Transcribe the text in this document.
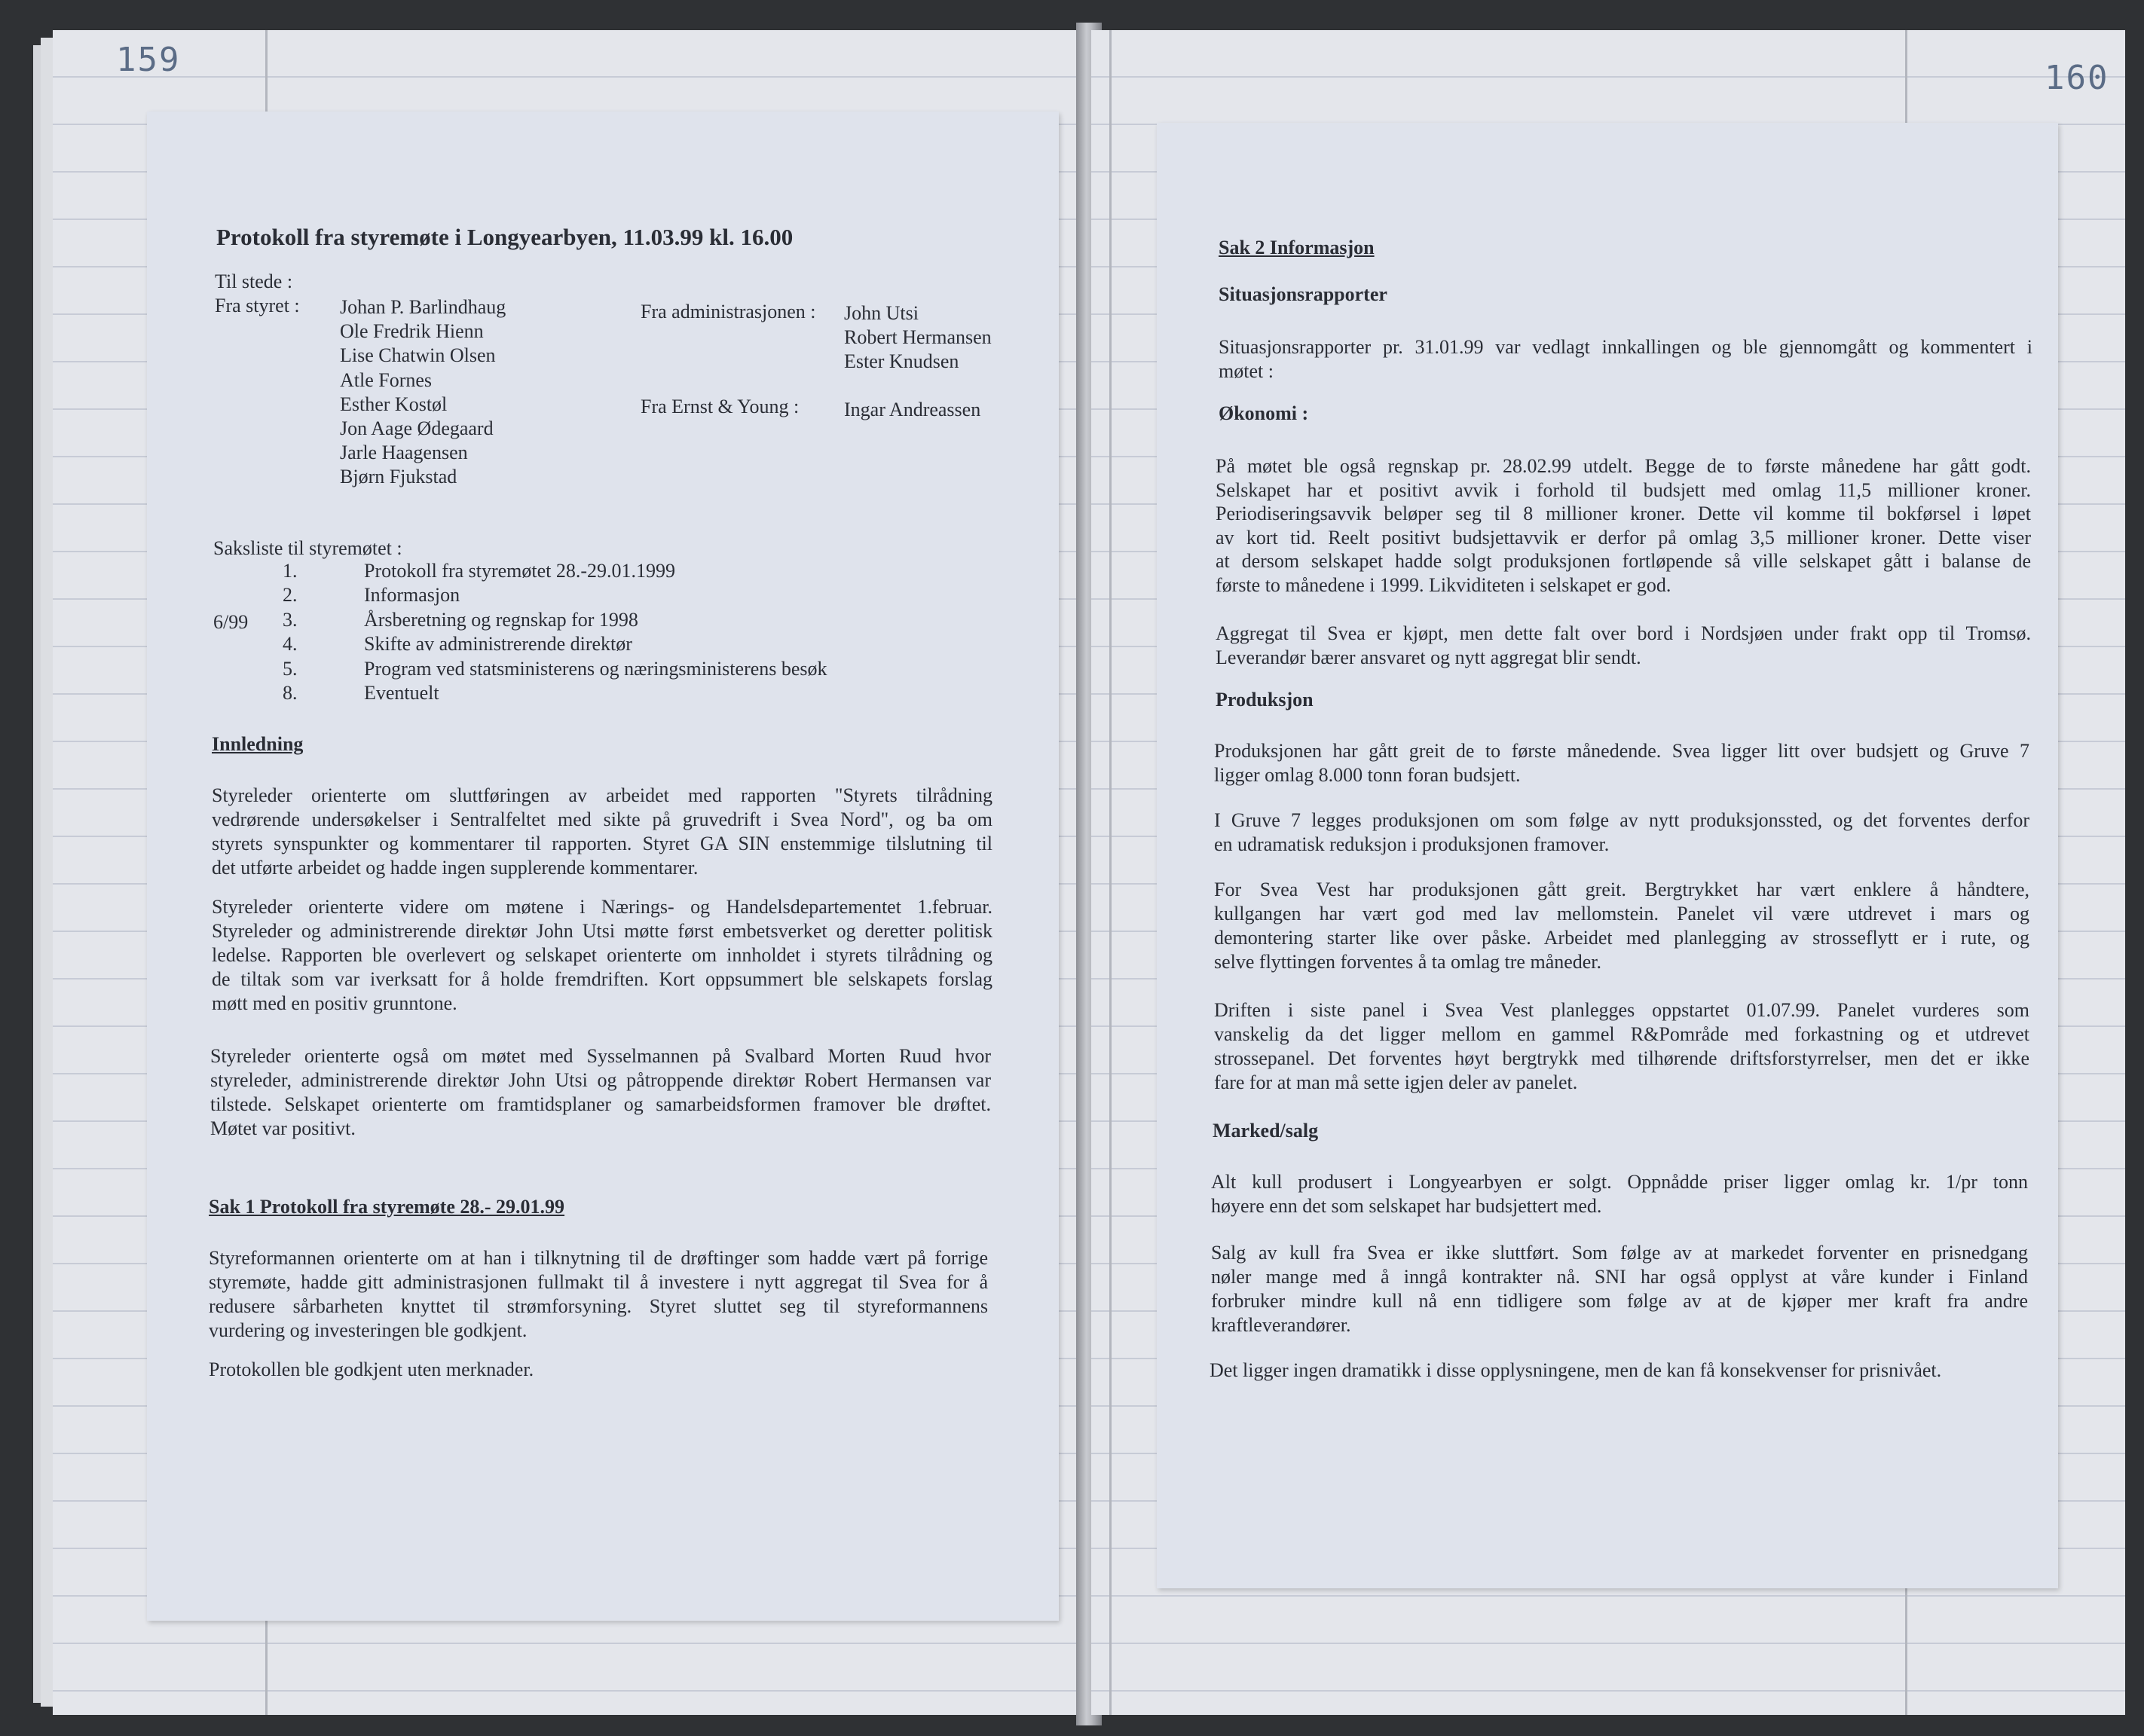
159	160
Protokoll fra styremøte i Longyearbyen, 11.03.99 kl. 16.00
Til stede :
Fra styret : Johan P. Barlindhaug
Ole Fredrik Hienn
Lise Chatwin Olsen
Atle Fornes
Esther Kostøl
Jon Aage Ødegaard
Jarle Haagensen
Bjørn Fjukstad
Fra administrasjonen : John Utsi
Robert Hermansen
Ester Knudsen
Fra Ernst & Young : Ingar Andreassen
Saksliste til styremøtet :
6/99
1.	Protokoll fra styremøtet 28.-29.01.1999
2.	Informasjon
3.	Årsberetning og regnskap for 1998
4.	Skifte av administrerende direktør
5.	Program ved statsministerens og næringsministerens besøk
8.	Eventuelt
Innledning
Styreleder orienterte om sluttføringen av arbeidet med rapporten "Styrets tilrådning
vedrørende undersøkelser i Sentralfeltet med sikte på gruvedrift i Svea Nord", og ba om
styrets synspunkter og kommentarer til rapporten. Styret GA SIN enstemmige tilslutning til
det utførte arbeidet og hadde ingen supplerende kommentarer.
Styreleder orienterte videre om møtene i Nærings- og Handelsdepartementet 1.februar.
Styreleder og administrerende direktør John Utsi møtte først embetsverket og deretter politisk
ledelse. Rapporten ble overlevert og selskapet orienterte om innholdet i styrets tilrådning og
de tiltak som var iverksatt for å holde fremdriften. Kort oppsummert ble selskapets forslag
møtt med en positiv grunntone.
Styreleder orienterte også om møtet med Sysselmannen på Svalbard Morten Ruud hvor
styreleder, administrerende direktør John Utsi og påtroppende direktør Robert Hermansen var
tilstede. Selskapet orienterte om framtidsplaner og samarbeidsformen framover ble drøftet.
Møtet var positivt.
Sak 1 Protokoll fra styremøte 28.- 29.01.99
Styreformannen orienterte om at han i tilknytning til de drøftinger som hadde vært på forrige
styremøte, hadde gitt administrasjonen fullmakt til å investere i nytt aggregat til Svea for å
redusere sårbarheten knyttet til strømforsyning. Styret sluttet seg til styreformannens
vurdering og investeringen ble godkjent.
Protokollen ble godkjent uten merknader.
Sak 2 Informasjon
Situasjonsrapporter
Situasjonsrapporter pr. 31.01.99 var vedlagt innkallingen og ble gjennomgått og kommentert i
møtet :
Økonomi :
På møtet ble også regnskap pr. 28.02.99 utdelt. Begge de to første månedene har gått godt.
Selskapet har et positivt avvik i forhold til budsjett med omlag 11,5 millioner kroner.
Periodiseringsavvik beløper seg til 8 millioner kroner. Dette vil komme til bokførsel i løpet
av kort tid. Reelt positivt budsjettavvik er derfor på omlag 3,5 millioner kroner. Dette viser
at dersom selskapet hadde solgt produksjonen fortløpende så ville selskapet gått i balanse de
første to månedene i 1999. Likviditeten i selskapet er god.
Aggregat til Svea er kjøpt, men dette falt over bord i Nordsjøen under frakt opp til Tromsø.
Leverandør bærer ansvaret og nytt aggregat blir sendt.
Produksjon
Produksjonen har gått greit de to første månedende. Svea ligger litt over budsjett og Gruve 7
ligger omlag 8.000 tonn foran budsjett.
I Gruve 7 legges produksjonen om som følge av nytt produksjonssted, og det forventes derfor
en udramatisk reduksjon i produksjonen framover.
For Svea Vest har produksjonen gått greit. Bergtrykket har vært enklere å håndtere,
kullgangen har vært god med lav mellomstein. Panelet vil være utdrevet i mars og
demontering starter like over påske. Arbeidet med planlegging av strosseflytt er i rute, og
selve flyttingen forventes å ta omlag tre måneder.
Driften i siste panel i Svea Vest planlegges oppstartet 01.07.99. Panelet vurderes som
vanskelig da det ligger mellom en gammel R&Pområde med forkastning og et utdrevet
strossepanel. Det forventes høyt bergtrykk med tilhørende driftsforstyrrelser, men det er ikke
fare for at man må sette igjen deler av panelet.
Marked/salg
Alt kull produsert i Longyearbyen er solgt. Oppnådde priser ligger omlag kr. 1/pr tonn
høyere enn det som selskapet har budsjettert med.
Salg av kull fra Svea er ikke sluttført. Som følge av at markedet forventer en prisnedgang
nøler mange med å inngå kontrakter nå. SNI har også opplyst at våre kunder i Finland
forbruker mindre kull nå enn tidligere som følge av at de kjøper mer kraft fra andre
kraftleverandører.
Det ligger ingen dramatikk i disse opplysningene, men de kan få konsekvenser for prisnivået.
